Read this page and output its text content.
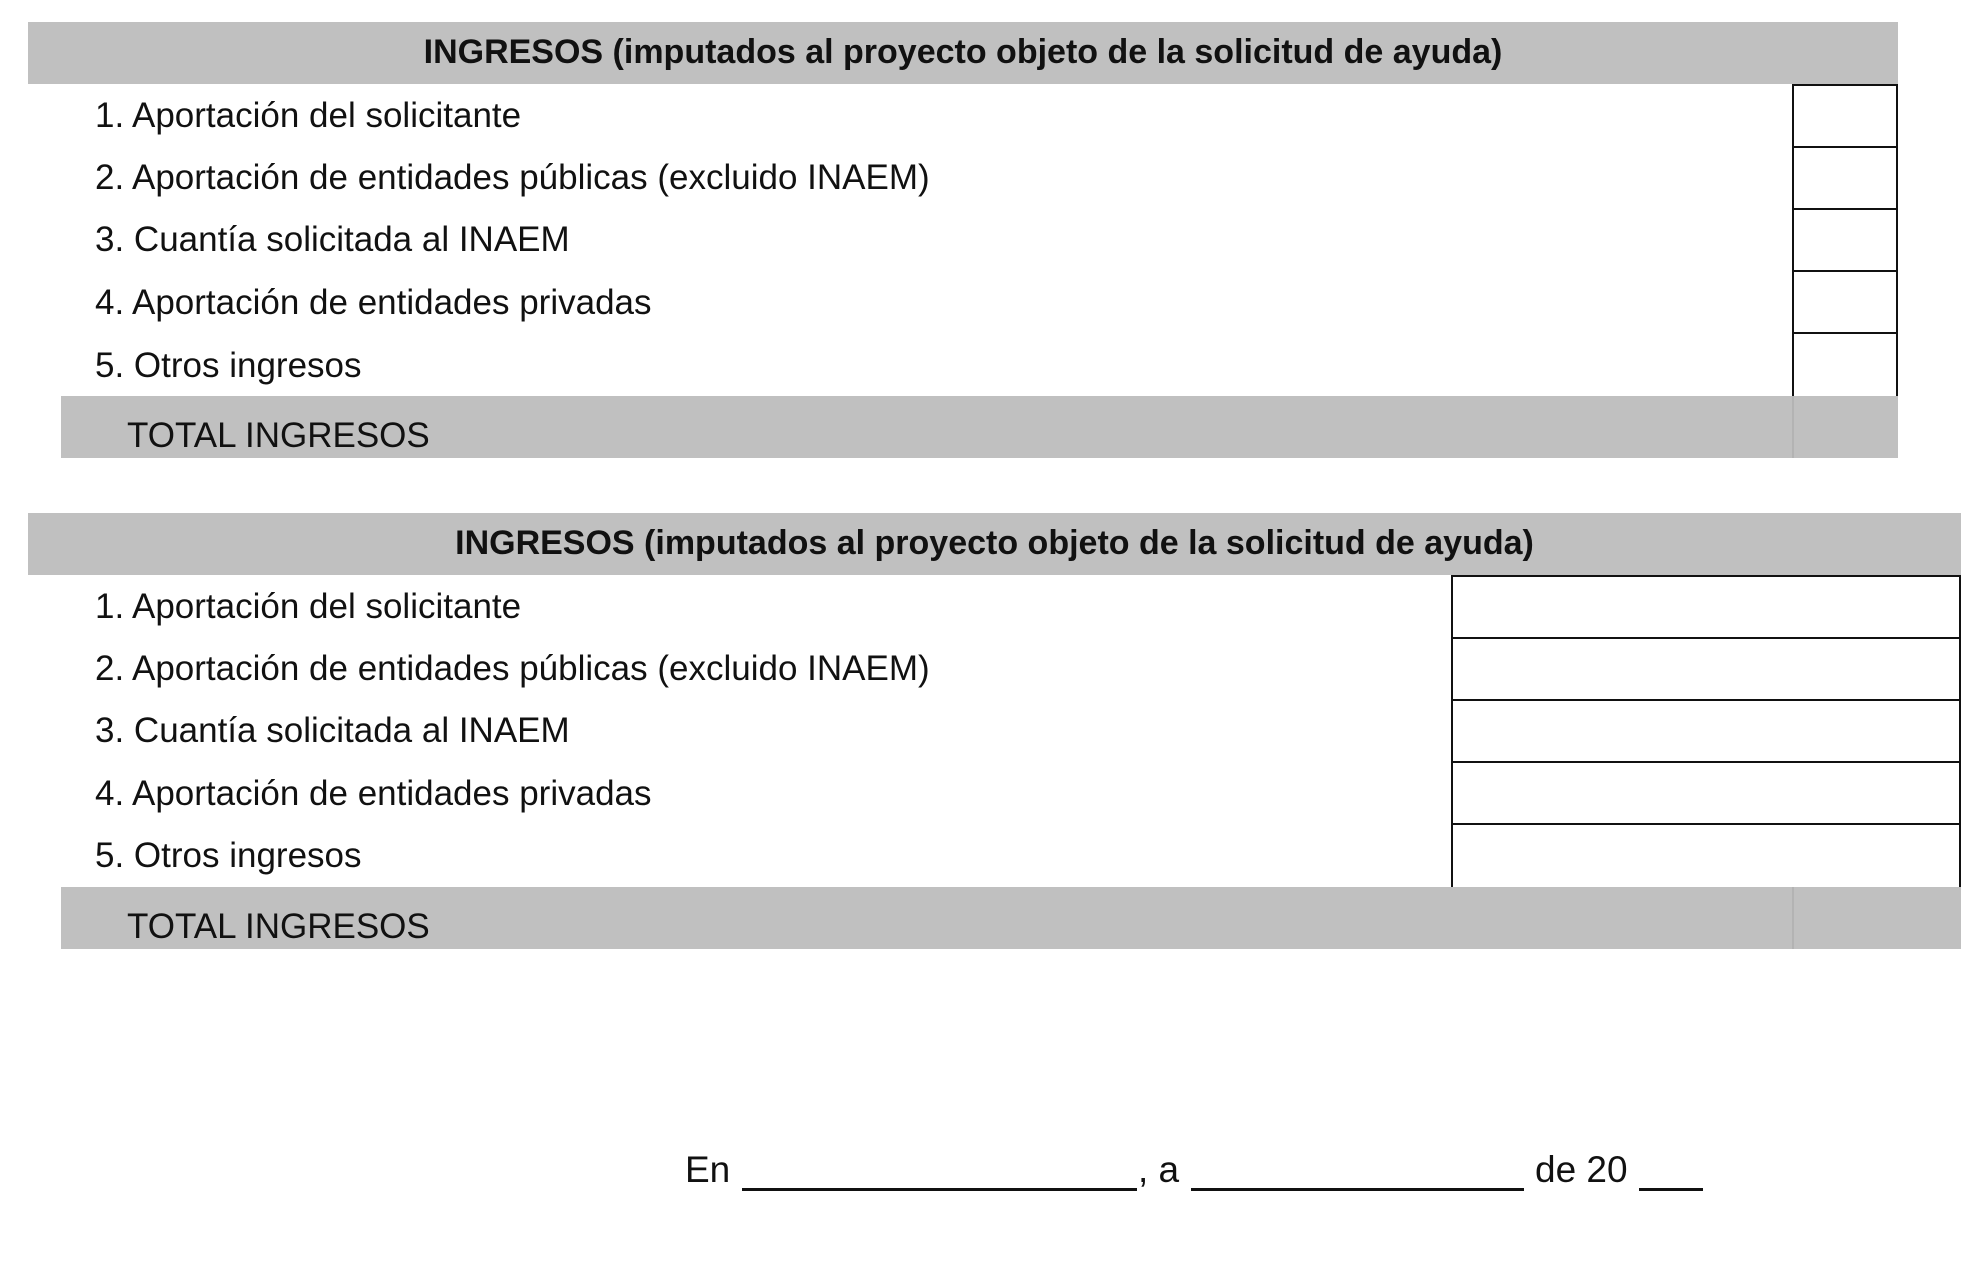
INGRESOS (imputados al proyecto objeto de la solicitud de ayuda)
1. Aportación del solicitante
2. Aportación de entidades públicas (excluido INAEM)
3. Cuantía solicitada al INAEM
4. Aportación de entidades privadas
5. Otros ingresos
TOTAL INGRESOS
INGRESOS (imputados al proyecto objeto de la solicitud de ayuda)
1. Aportación del solicitante
2. Aportación de entidades públicas (excluido INAEM)
3. Cuantía solicitada al INAEM
4. Aportación de entidades privadas
5. Otros ingresos
TOTAL INGRESOS
En	, a	de 20
